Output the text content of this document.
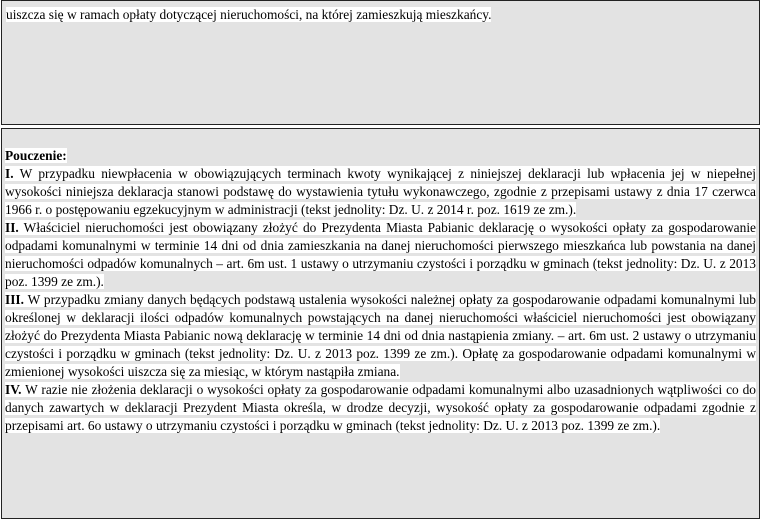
uiszcza się w ramach opłaty dotyczącej nieruchomości, na której zamieszkują mieszkańcy.

Pouczenie:

I. W przypadku niewpłacenia w obowiązujących terminach kwoty wynikającej z niniejszej deklaracji lub wpłacenia jej w niepełnej wysokości niniejsza deklaracja stanowi podstawę do wystawienia tytułu wykonawczego, zgodnie z przepisami ustawy z dnia 17 czerwca 1966 r. o postępowaniu egzekucyjnym w administracji (tekst jednolity: Dz. U. z 2014 r. poz. 1619 ze zm.).

II. Właściciel nieruchomości jest obowiązany złożyć do Prezydenta Miasta Pabianic deklarację o wysokości opłaty za gospodarowanie odpadami komunalnymi w terminie 14 dni od dnia zamieszkania na danej nieruchomości pierwszego mieszkańca lub powstania na danej nieruchomości odpadów komunalnych – art. 6m ust. 1 ustawy o utrzymaniu czystości i porządku w gminach (tekst jednolity: Dz. U. z 2013 poz. 1399 ze zm.).

III. W przypadku zmiany danych będących podstawą ustalenia wysokości należnej opłaty za gospodarowanie odpadami komunalnymi lub określonej w deklaracji ilości odpadów komunalnych powstających na danej nieruchomości właściciel nieruchomości jest obowiązany złożyć do Prezydenta Miasta Pabianic nową deklarację w terminie 14 dni od dnia nastąpienia zmiany. – art. 6m ust. 2 ustawy o utrzymaniu czystości i porządku w gminach (tekst jednolity: Dz. U. z 2013 poz. 1399 ze zm.). Opłatę za gospodarowanie odpadami komunalnymi w zmienionej wysokości uiszcza się za miesiąc, w którym nastąpiła zmiana.

IV. W razie nie złożenia deklaracji o wysokości opłaty za gospodarowanie odpadami komunalnymi albo uzasadnionych wątpliwości co do danych zawartych w deklaracji Prezydent Miasta określa, w drodze decyzji, wysokość opłaty za gospodarowanie odpadami zgodnie z przepisami art. 6o ustawy o utrzymaniu czystości i porządku w gminach (tekst jednolity: Dz. U. z 2013 poz. 1399 ze zm.).
